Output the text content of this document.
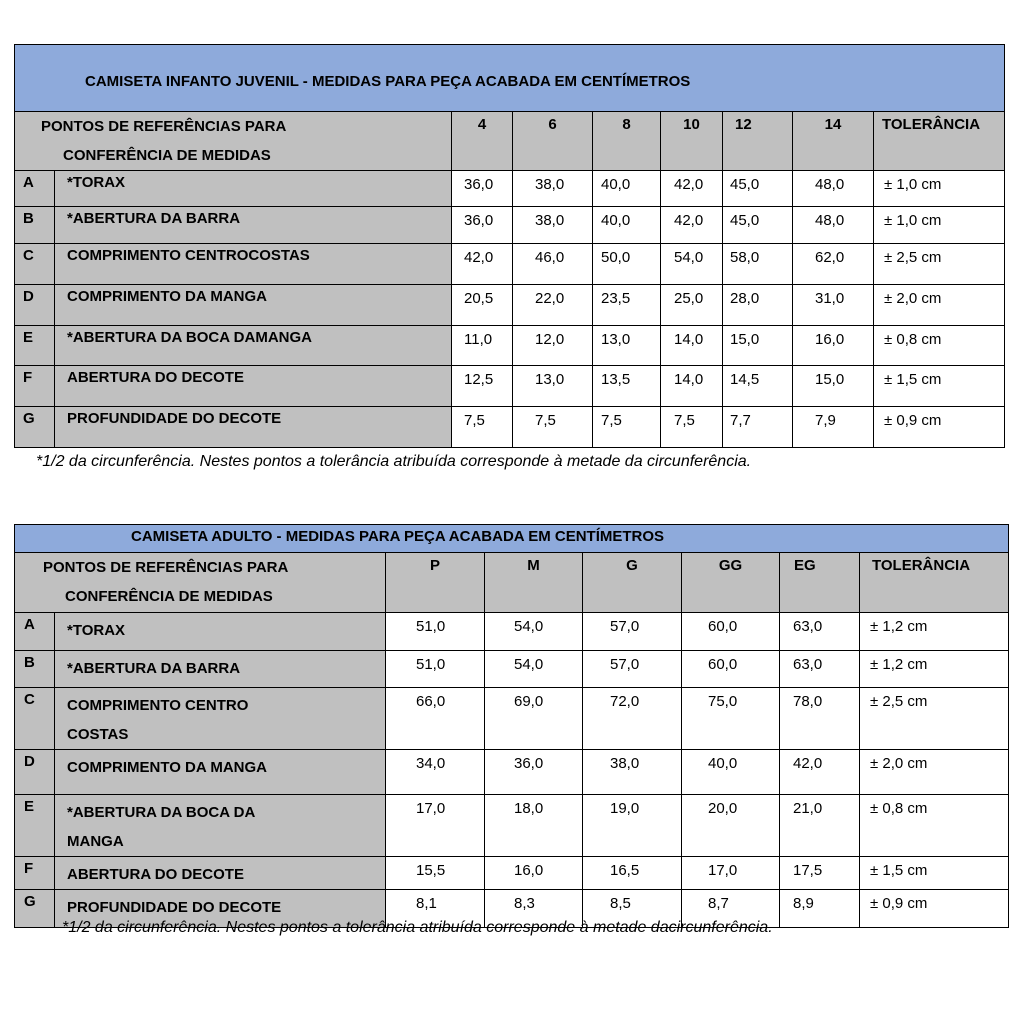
CAMISETA INFANTO JUVENIL - MEDIDAS PARA PEÇA ACABADA EM CENTÍMETROS								

PONTOS DE REFERÊNCIAS PARA
CONFERÊNCIA DE MEDIDAS		4	6	8	10	12	14	TOLERÂNCIA
A	*TORAX	36,0	38,0	40,0	42,0	45,0	48,0	± 1,0 cm
B	*ABERTURA DA BARRA	36,0	38,0	40,0	42,0	45,0	48,0	± 1,0 cm
C	COMPRIMENTO CENTROCOSTAS	42,0	46,0	50,0	54,0	58,0	62,0	± 2,5 cm
D	COMPRIMENTO DA MANGA	20,5	22,0	23,5	25,0	28,0	31,0	± 2,0 cm
E	*ABERTURA DA BOCA DAMANGA	11,0	12,0	13,0	14,0	15,0	16,0	± 0,8 cm
F	ABERTURA DO DECOTE	12,5	13,0	13,5	14,0	14,5	15,0	± 1,5 cm
G	PROFUNDIDADE DO DECOTE	7,5	7,5	7,5	7,5	7,7	7,9	± 0,9 cm
*1/2 da circunferência. Nestes pontos a tolerância atribuída corresponde à metade da circunferência.
CAMISETA ADULTO - MEDIDAS PARA PEÇA ACABADA EM CENTÍMETROS							

PONTOS DE REFERÊNCIAS PARA
CONFERÊNCIA DE MEDIDAS		P	M	G	GG	EG	TOLERÂNCIA
A	*TORAX	51,0	54,0	57,0	60,0	63,0	± 1,2 cm
B	*ABERTURA DA BARRA	51,0	54,0	57,0	60,0	63,0	± 1,2 cm
C	COMPRIMENTO CENTRO
COSTAS	66,0	69,0	72,0	75,0	78,0	± 2,5 cm
D	COMPRIMENTO DA MANGA	34,0	36,0	38,0	40,0	42,0	± 2,0 cm
E	*ABERTURA DA BOCA DA
MANGA	17,0	18,0	19,0	20,0	21,0	± 0,8 cm
F	ABERTURA DO DECOTE	15,5	16,0	16,5	17,0	17,5	± 1,5 cm
G	PROFUNDIDADE DO DECOTE	8,1	8,3	8,5	8,7	8,9	± 0,9 cm
*1/2 da circunferência. Nestes pontos a tolerância atribuída corresponde à metade dacircunferência.
